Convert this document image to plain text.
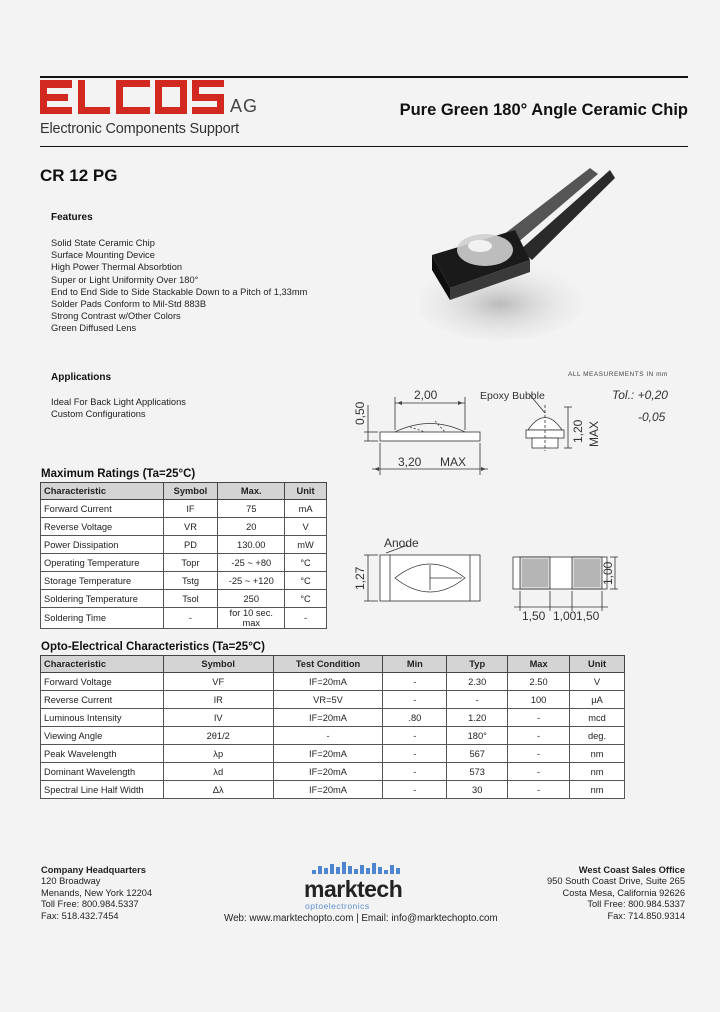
AG
Electronic Components Support
Pure Green 180° Angle Ceramic Chip
CR 12 PG
Features
Solid State Ceramic Chip
Surface Mounting Device
High Power Thermal Absorbtion
Super or Light Uniformity Over 180°
End to End Side to Side Stackable Down to a Pitch of 1,33mm
Solder Pads Conform to Mil-Std 883B
Strong Contrast w/Other Colors
Green Diffused Lens
Applications
Ideal For Back Light Applications
Custom Configurations
ALL MEASUREMENTS IN mm
Tol.: +0,20
-0,05
2,00
0,50
3,20 MAX
Epoxy Bubble
1,20 MAX
Anode
1,27	1,00
1,50 1,00 1,50
Maximum Ratings (Ta=25°C)
Characteristic	Symbol	Max.	Unit
Forward Current	IF	75	mA
Reverse Voltage	VR	20	V
Power Dissipation	PD	130.00	mW
Operating Temperature	Topr	-25 ~ +80	°C
Storage Temperature	Tstg	-25 ~ +120	°C
Soldering Temperature	Tsol	250	°C
Soldering Time	-	for 10 sec. max	-
Opto-Electrical Characteristics (Ta=25°C)
Characteristic	Symbol	Test Condition	Min	Typ	Max	Unit
Forward Voltage	VF	IF=20mA	-	2.30	2.50	V
Reverse Current	IR	VR=5V	-	-	100	µA
Luminous Intensity	IV	IF=20mA	.80	1.20	-	mcd
Viewing Angle	2θ1/2	-	-	180°	-	deg.
Peak Wavelength	λp	IF=20mA	-	567	-	nm
Dominant Wavelength	λd	IF=20mA	-	573	-	nm
Spectral Line Half Width	Δλ	IF=20mA	-	30	-	nm
Company Headquarters
120 Broadway
Menands, New York 12204
Toll Free: 800.984.5337
Fax: 518.432.7454
West Coast Sales Office
950 South Coast Drive, Suite 265
Costa Mesa, California 92626
Toll Free: 800.984.5337
Fax: 714.850.9314
marktech
optoelectronics
Web: www.marktechopto.com | Email: info@marktechopto.com
